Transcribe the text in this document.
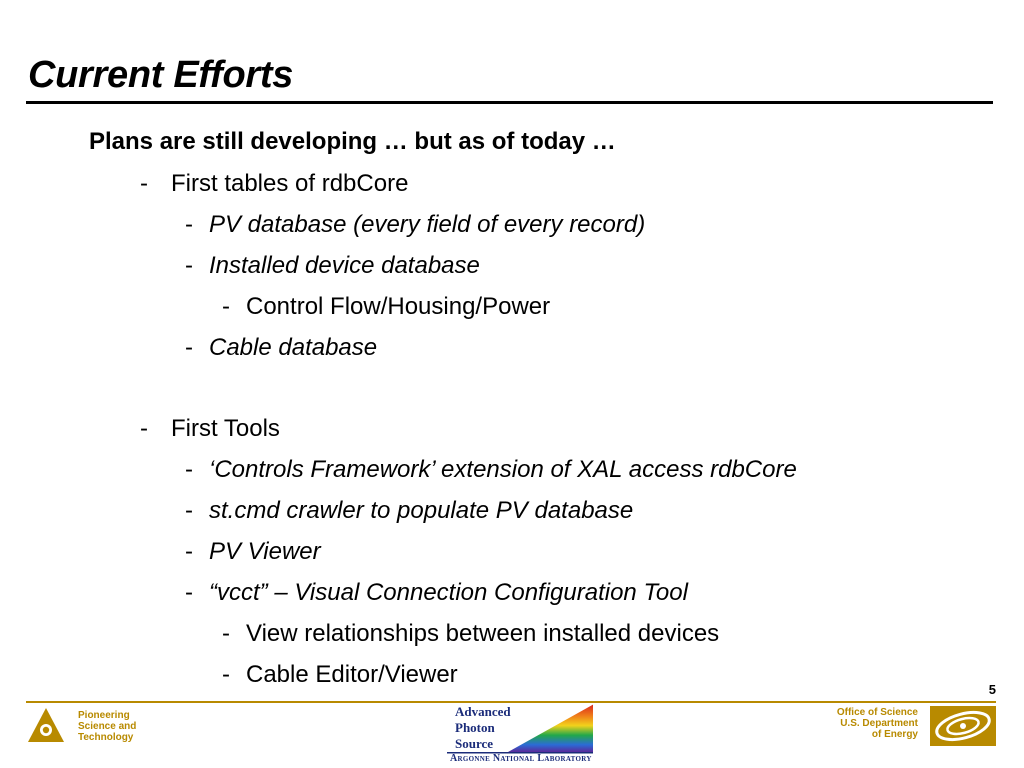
Current Efforts
Plans are still developing … but as of today …
- First tables of rdbCore
- PV database (every field of every record)
- Installed device database
- Control Flow/Housing/Power
- Cable database
- First Tools
- ‘Controls Framework’ extension of XAL access rdbCore
- st.cmd crawler to populate PV database
- PV Viewer
- “vcct” – Visual Connection Configuration Tool
- View relationships between installed devices
- Cable Editor/Viewer
5
Pioneering
Science and
Technology
Advanced
Photon
Source
Argonne National Laboratory
Office of Science
U.S. Department
of Energy
